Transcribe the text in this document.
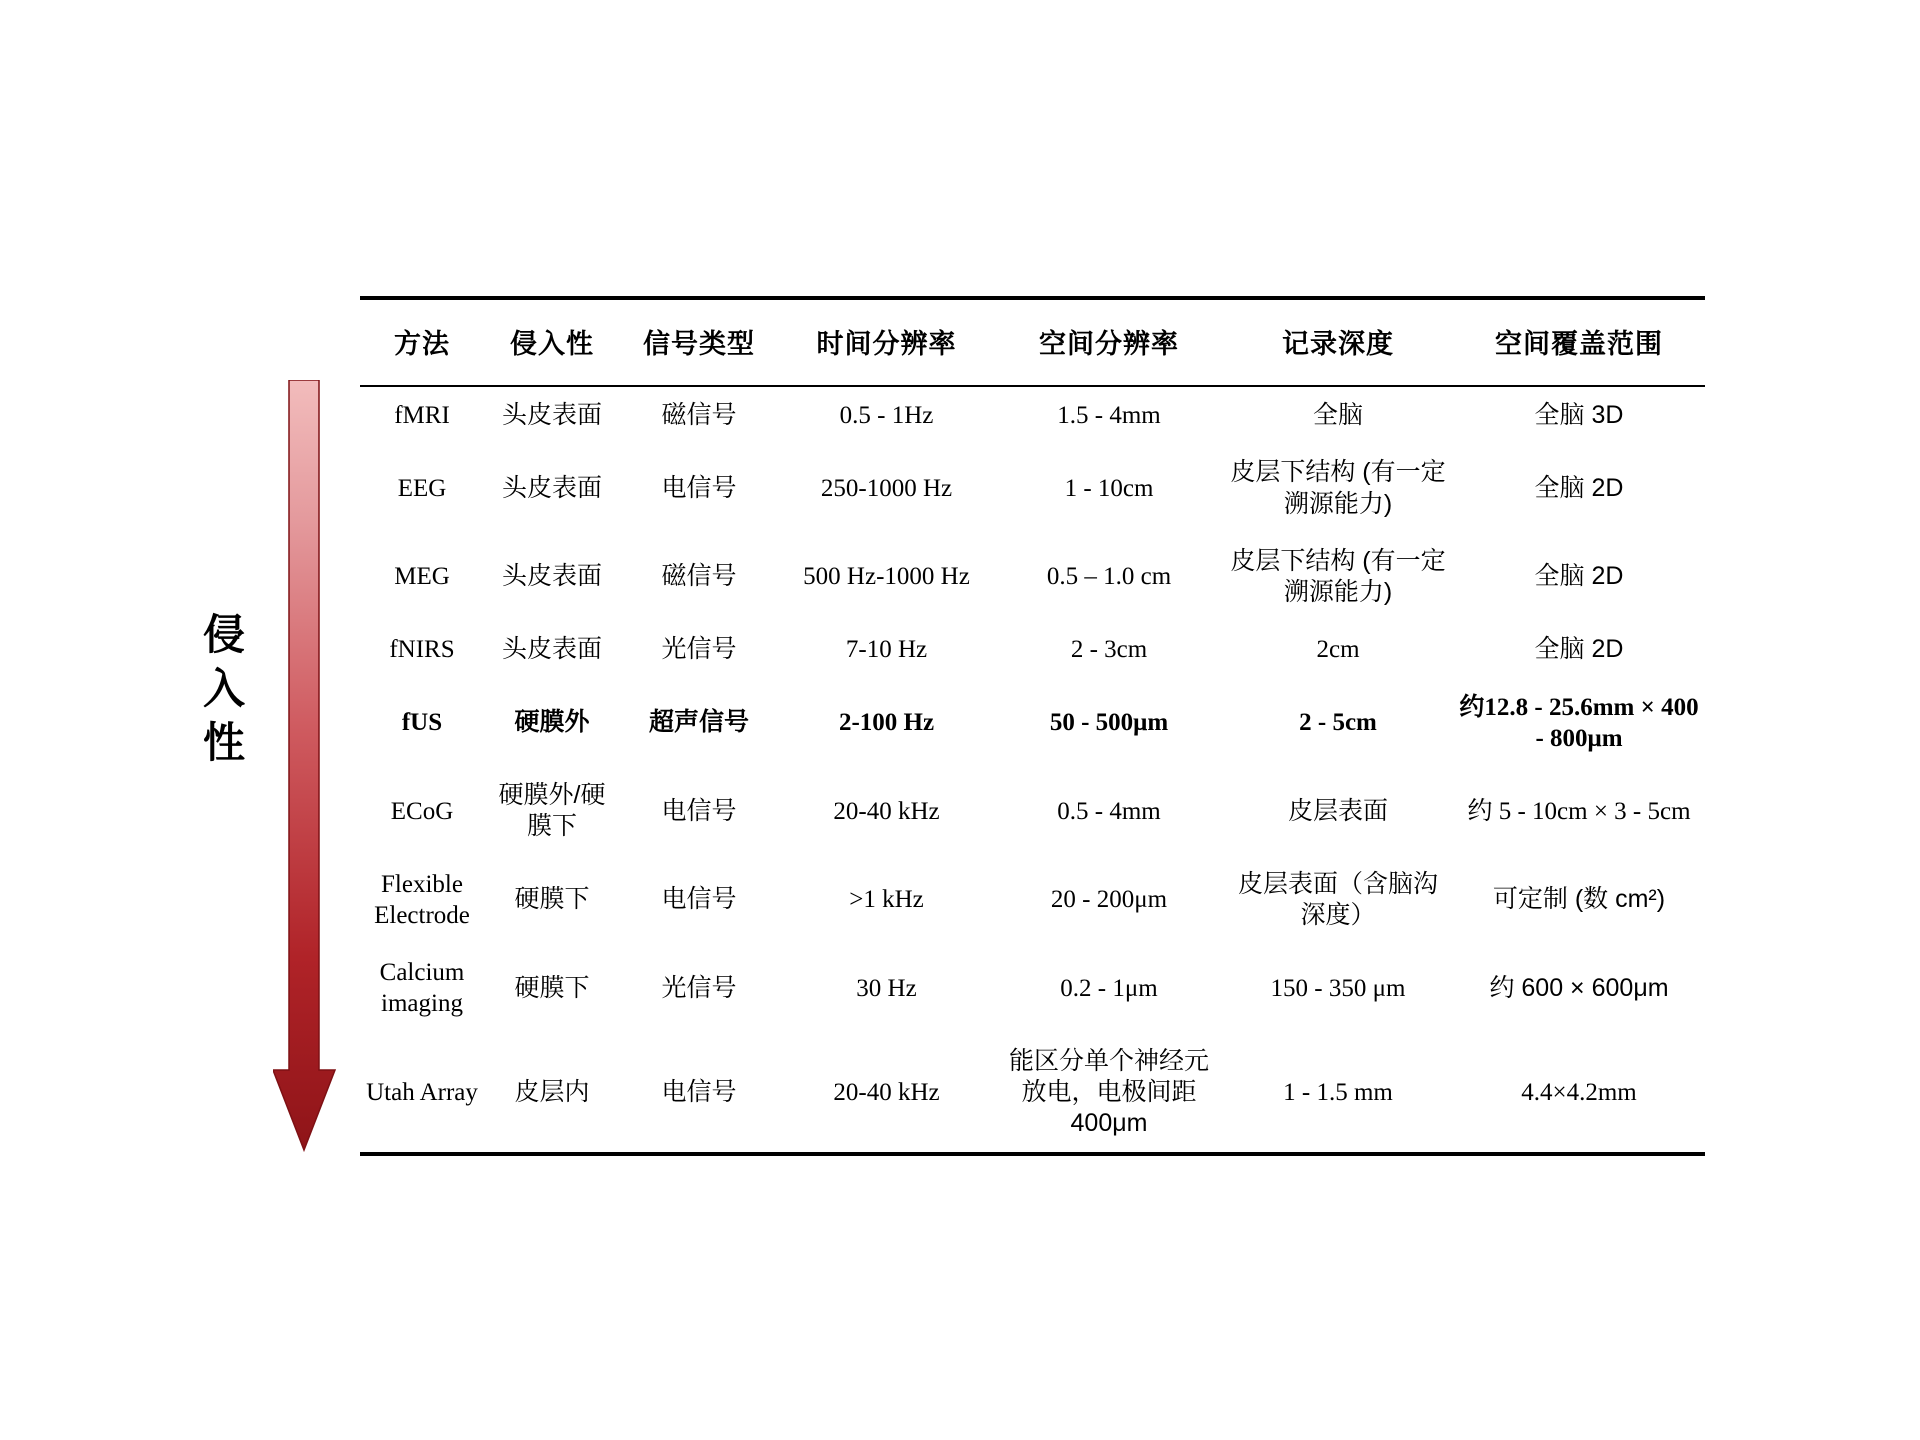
侵入性
方法	侵入性	信号类型	时间分辨率	空间分辨率	记录深度	空间覆盖范围
fMRI	头皮表面	磁信号	0.5 - 1Hz	1.5 - 4mm	全脑	全脑 3D
EEG	头皮表面	电信号	250-1000 Hz	1 - 10cm	皮层下结构 (有一定溯源能力)	全脑 2D
MEG	头皮表面	磁信号	500 Hz-1000 Hz	0.5 – 1.0 cm	皮层下结构 (有一定溯源能力)	全脑 2D
fNIRS	头皮表面	光信号	7-10 Hz	2 - 3cm	2cm	全脑 2D
fUS	硬膜外	超声信号	2-100 Hz	50 - 500μm	2 - 5cm	约12.8 - 25.6mm × 400 - 800μm
ECoG	硬膜外/硬膜下	电信号	20-40 kHz	0.5 - 4mm	皮层表面	约 5 - 10cm × 3 - 5cm
Flexible Electrode	硬膜下	电信号	>1 kHz	20 - 200μm	皮层表面（含脑沟深度）	可定制 (数 cm²)
Calcium imaging	硬膜下	光信号	30 Hz	0.2 - 1μm	150 - 350 μm	约 600 × 600μm
Utah Array	皮层内	电信号	20-40 kHz	能区分单个神经元放电，电极间距400μm	1 - 1.5 mm	4.4×4.2mm
